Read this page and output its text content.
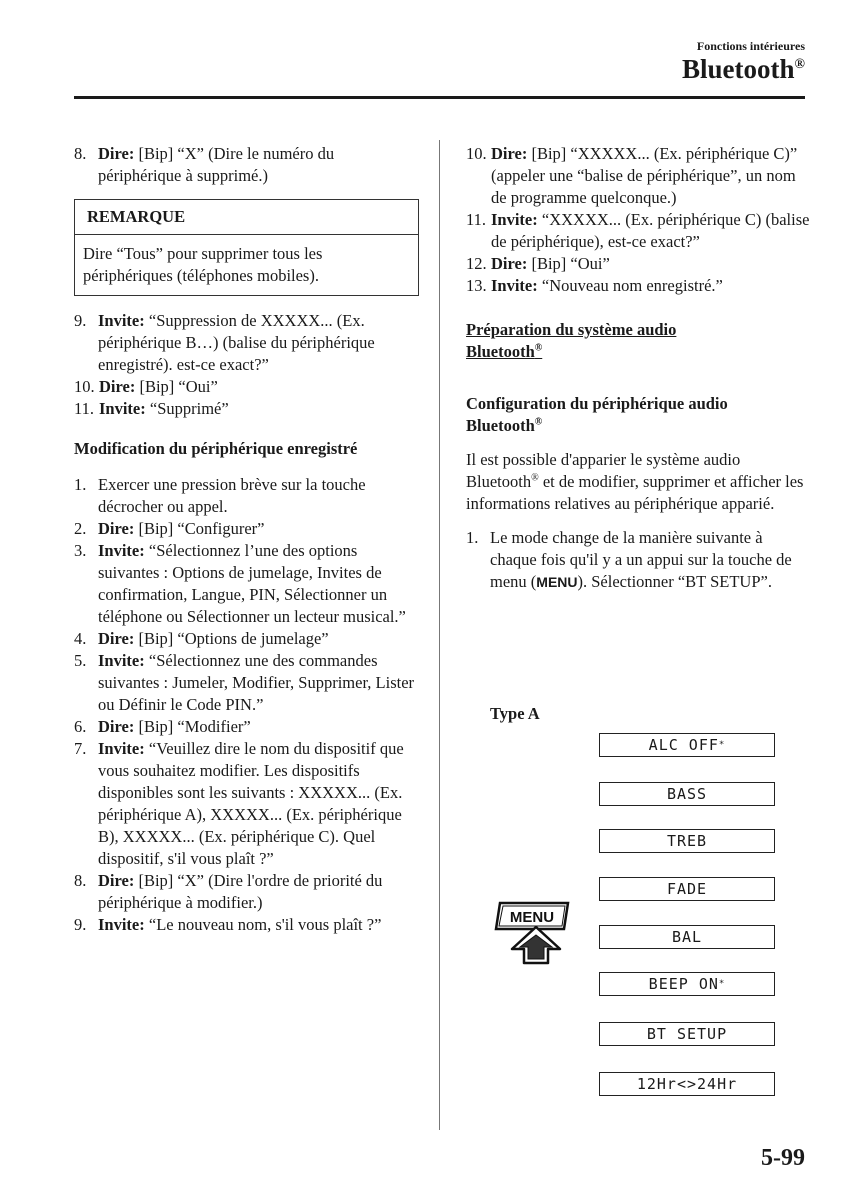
Fonctions intérieures
Bluetooth®
8. Dire: [Bip] “X” (Dire le numéro du périphérique à supprimé.)
REMARQUE
Dire “Tous” pour supprimer tous les périphériques (téléphones mobiles).
9. Invite: “Suppression de XXXXX... (Ex. périphérique B…) (balise du périphérique enregistré). est-ce exact?”
10. Dire: [Bip] “Oui”
11. Invite: “Supprimé”
Modification du périphérique enregistré
1. Exercer une pression brève sur la touche décrocher ou appel.
2. Dire: [Bip] “Configurer”
3. Invite: “Sélectionnez l’une des options suivantes : Options de jumelage, Invites de confirmation, Langue, PIN, Sélectionner un téléphone ou Sélectionner un lecteur musical.”
4. Dire: [Bip] “Options de jumelage”
5. Invite: “Sélectionnez une des commandes suivantes : Jumeler, Modifier, Supprimer, Lister ou Définir le Code PIN.”
6. Dire: [Bip] “Modifier”
7. Invite: “Veuillez dire le nom du dispositif que vous souhaitez modifier. Les dispositifs disponibles sont les suivants : XXXXX... (Ex. périphérique A), XXXXX... (Ex. périphérique B), XXXXX... (Ex. périphérique C). Quel dispositif, s'il vous plaît ?”
8. Dire: [Bip] “X” (Dire l'ordre de priorité du périphérique à modifier.)
9. Invite: “Le nouveau nom, s'il vous plaît ?”
10. Dire: [Bip] “XXXXX... (Ex. périphérique C)” (appeler une “balise de périphérique”, un nom de programme quelconque.)
11. Invite: “XXXXX... (Ex. périphérique C) (balise de périphérique), est-ce exact?”
12. Dire: [Bip] “Oui”
13. Invite: “Nouveau nom enregistré.”
Préparation du système audio
Bluetooth®
Configuration du périphérique audio
Bluetooth®
Il est possible d'apparier le système audio Bluetooth® et de modifier, supprimer et afficher les informations relatives au périphérique apparié.
1. Le mode change de la manière suivante à chaque fois qu'il y a un appui sur la touche de menu (MENU). Sélectionner “BT SETUP”.
Type A
MENU
ALC OFF *
BASS
TREB
FADE
BAL
BEEP ON *
BT SETUP
12Hr<>24Hr
5-99
